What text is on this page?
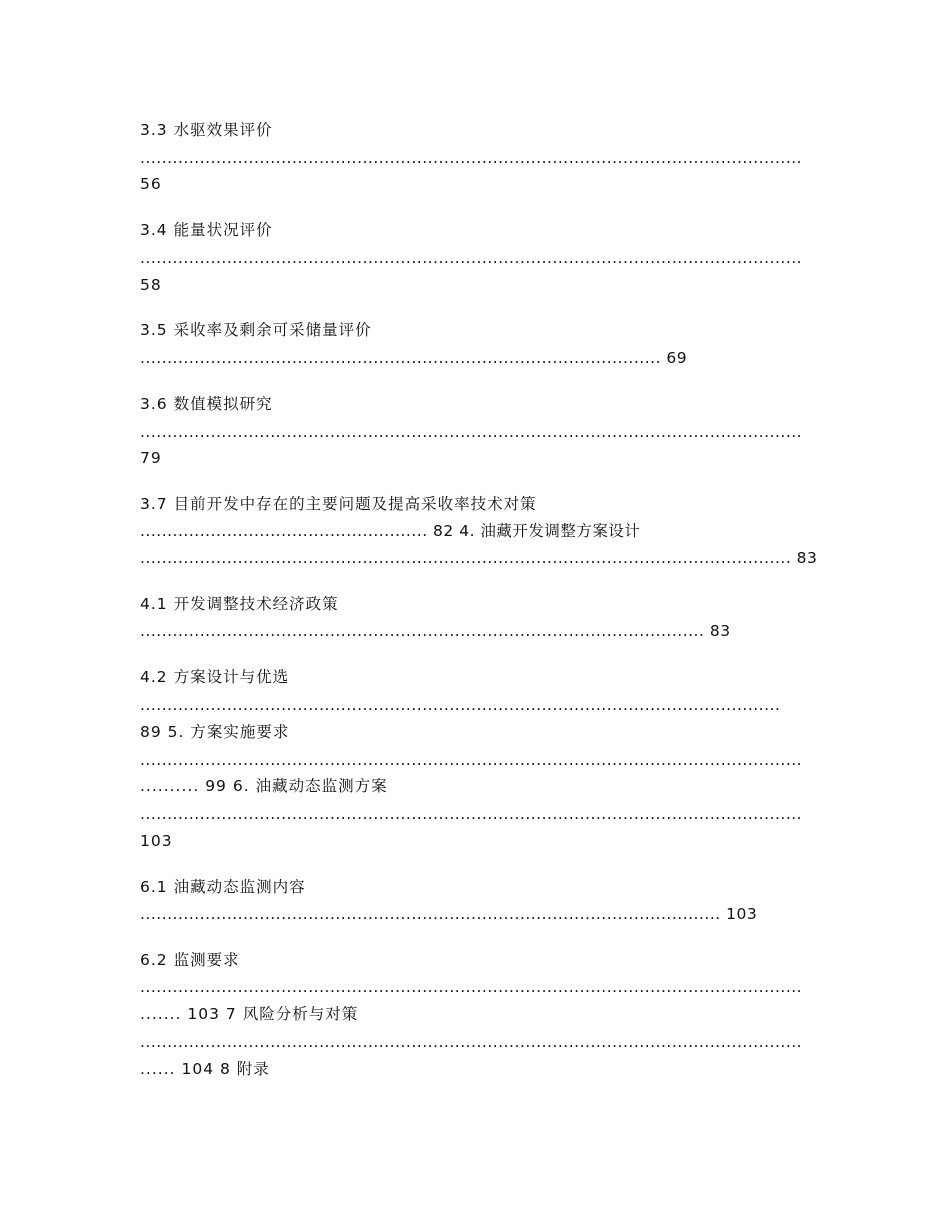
3.3 水驱效果评价
..........................................................................................................................
56
3.4 能量状况评价
..........................................................................................................................
58
3.5 采收率及剩余可采储量评价
................................................................................................ 69
3.6 数值模拟研究
..........................................................................................................................
79
3.7 目前开发中存在的主要问题及提高采收率技术对策
..................................................... 82 4. 油藏开发调整方案设计
........................................................................................................................ 83
4.1 开发调整技术经济政策
........................................................................................................ 83
4.2 方案设计与优选
......................................................................................................................
89 5. 方案实施要求
..........................................................................................................................
.......... 99 6. 油藏动态监测方案
..........................................................................................................................
103
6.1 油藏动态监测内容
........................................................................................................... 103
6.2 监测要求
..........................................................................................................................
....... 103 7 风险分析与对策
..........................................................................................................................
...... 104 8 附录
